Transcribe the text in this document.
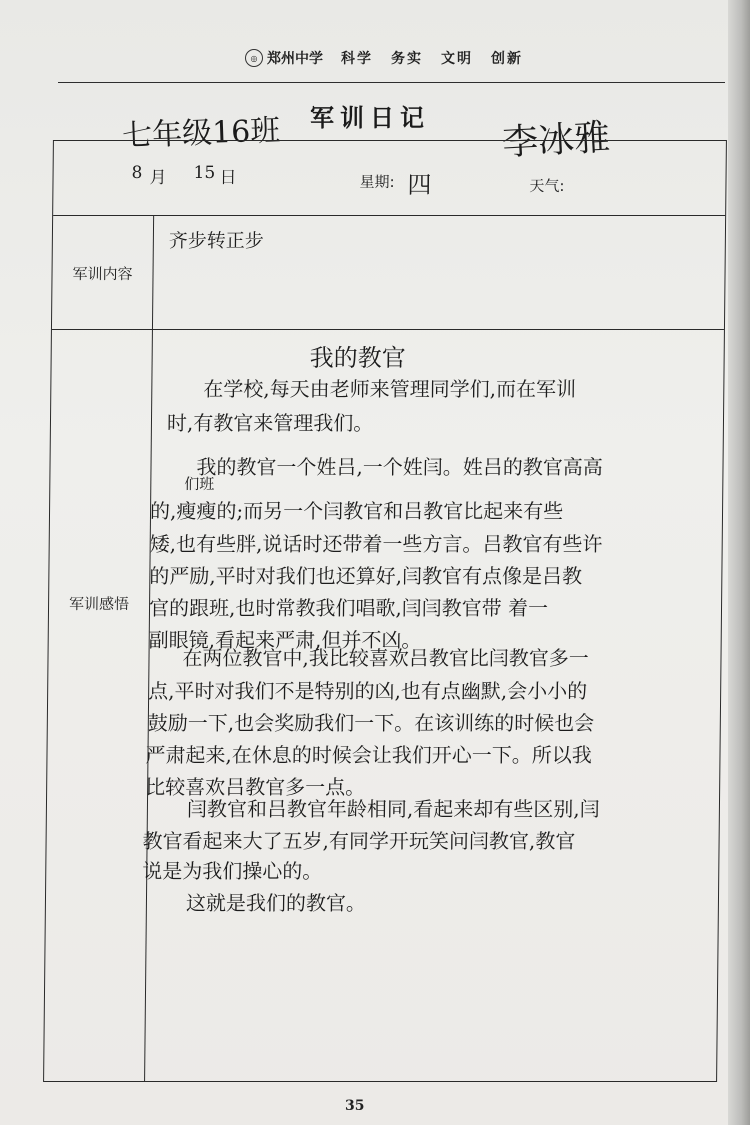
◎ 郑州中学 科学 务实 文明 创新
军训日记
七年级16班	李冰雅
8 月 15 日	星期: 四	天气:
军训内容
齐步转正步
军训感悟
我的教官
在学校,每天由老师来管理同学们,而在军训
时,有教官来管理我们。
我的教官一个姓吕,一个姓闫。姓吕的教官高高
们班
的,瘦瘦的;而另一个闫教官和吕教官比起来有些
矮,也有些胖,说话时还带着一些方言。吕教官有些许
的严励,平时对我们也还算好,闫教官有点像是吕教
官的跟班,也时常教我们唱歌,闫闫教官带 着一
副眼镜,看起来严肃,但并不凶。
在两位教官中,我比较喜欢吕教官比闫教官多一
点,平时对我们不是特别的凶,也有点幽默,会小小的
鼓励一下,也会奖励我们一下。在该训练的时候也会
严肃起来,在休息的时候会让我们开心一下。所以我
比较喜欢吕教官多一点。
闫教官和吕教官年龄相同,看起来却有些区别,闫
教官看起来大了五岁,有同学开玩笑问闫教官,教官
说是为我们操心的。
这就是我们的教官。
35
